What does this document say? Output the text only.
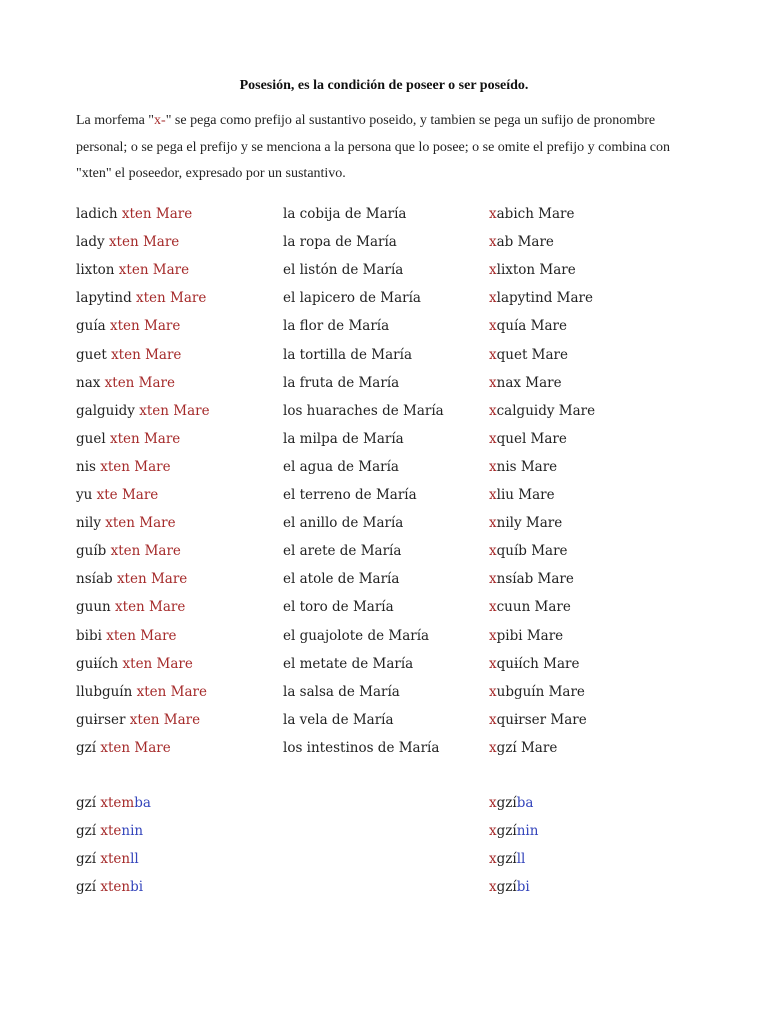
Posesión, es la condición de poseer o ser poseído.
La morfema "x-" se pega como prefijo al sustantivo poseido, y tambien se pega un sufijo de pronombre personal; o se pega el prefijo y se menciona a la persona que lo posee; o se omite el prefijo y combina con "xten" el poseedor, expresado por un sustantivo.
ladich xten Mare	la cobija de María	xabich Mare
lady xten Mare	la ropa de María	xab Mare
lixton xten Mare	el listón de María	xlixton Mare
lapytind xten Mare	el lapicero de María	xlapytind Mare
guía xten Mare	la flor de María	xquía Mare
guet xten Mare	la tortilla de María	xquet Mare
nax xten Mare	la fruta de María	xnax Mare
galguidy xten Mare	los huaraches de María	xcalguidy Mare
guel xten Mare	la milpa de María	xquel Mare
nis xten Mare	el agua de María	xnis Mare
yu xte Mare	el terreno de María	xliu Mare
nily xten Mare	el anillo de María	xnily Mare
guíb xten Mare	el arete de María	xquíb Mare
nsíab xten Mare	el atole de María	xnsíab Mare
guun xten Mare	el toro de María	xcuun Mare
bibi xten Mare	el guajolote de María	xpibi Mare
guɨích xten Mare	el metate de María	xquɨích Mare
llubguín xten Mare	la salsa de María	xubguín Mare
guɨrser xten Mare	la vela de María	xquɨrser Mare
gzí xten Mare	los intestinos de María	xgzí Mare
gzí xtemba	xgzíba
gzí xtenin	xgzínin
gzí xtenll	xgzíll
gzí xtenbi	xgzíbi
